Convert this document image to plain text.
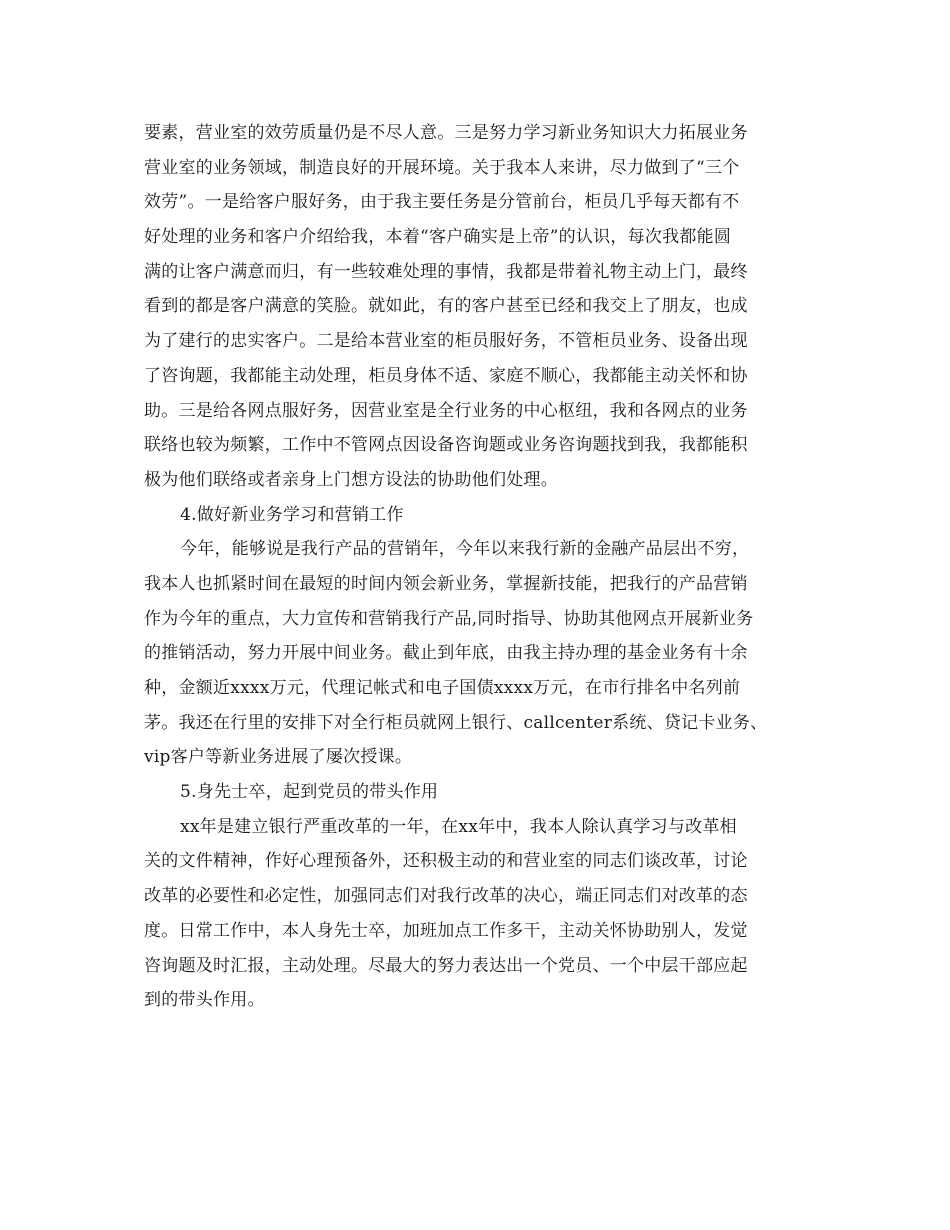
要素，营业室的效劳质量仍是不尽人意。三是努力学习新业务知识大力拓展业务
营业室的业务领域，制造良好的开展环境。关于我本人来讲，尽力做到了“三个
效劳”。一是给客户服好务，由于我主要任务是分管前台，柜员几乎每天都有不
好处理的业务和客户介绍给我，本着“客户确实是上帝”的认识，每次我都能圆
满的让客户满意而归，有一些较难处理的事情，我都是带着礼物主动上门，最终
看到的都是客户满意的笑脸。就如此，有的客户甚至已经和我交上了朋友，也成
为了建行的忠实客户。二是给本营业室的柜员服好务，不管柜员业务、设备出现
了咨询题，我都能主动处理，柜员身体不适、家庭不顺心，我都能主动关怀和协
助。三是给各网点服好务，因营业室是全行业务的中心枢纽，我和各网点的业务
联络也较为频繁，工作中不管网点因设备咨询题或业务咨询题找到我，我都能积
极为他们联络或者亲身上门想方设法的协助他们处理。
4.做好新业务学习和营销工作
今年，能够说是我行产品的营销年，今年以来我行新的金融产品层出不穷，
我本人也抓紧时间在最短的时间内领会新业务，掌握新技能，把我行的产品营销
作为今年的重点，大力宣传和营销我行产品,同时指导、协助其他网点开展新业务
的推销活动，努力开展中间业务。截止到年底，由我主持办理的基金业务有十余
种，金额近xxxx万元，代理记帐式和电子国债xxxx万元，在市行排名中名列前
茅。我还在行里的安排下对全行柜员就网上银行、callcenter系统、贷记卡业务、
vip客户等新业务进展了屡次授课。
5.身先士卒，起到党员的带头作用
xx年是建立银行严重改革的一年，在xx年中，我本人除认真学习与改革相
关的文件精神，作好心理预备外，还积极主动的和营业室的同志们谈改革，讨论
改革的必要性和必定性，加强同志们对我行改革的决心，端正同志们对改革的态
度。日常工作中，本人身先士卒，加班加点工作多干，主动关怀协助别人，发觉
咨询题及时汇报，主动处理。尽最大的努力表达出一个党员、一个中层干部应起
到的带头作用。
